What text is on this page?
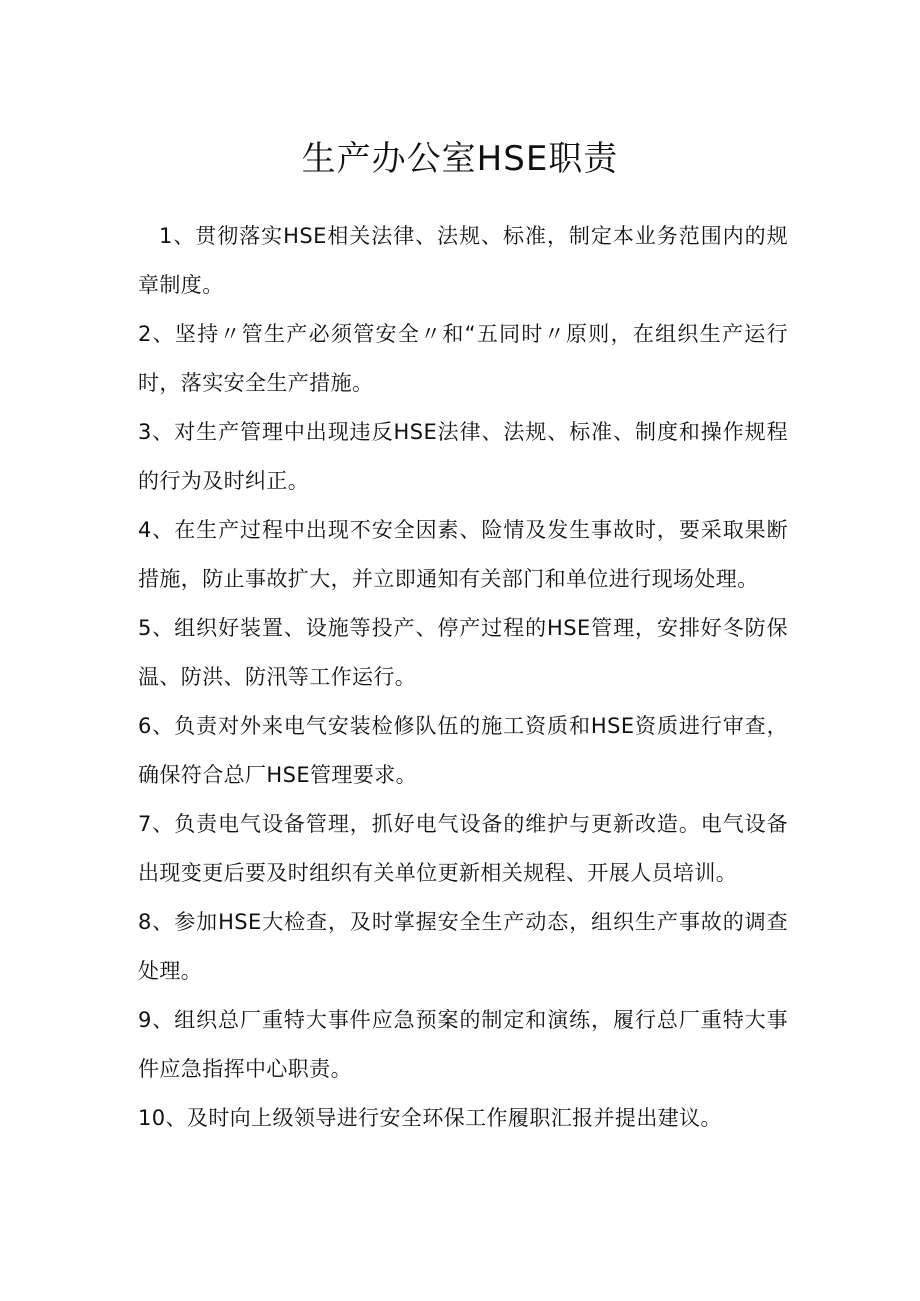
生产办公室HSE职责
1、贯彻落实HSE相关法律、法规、标准，制定本业务范围内的规章制度。
2、坚持〃管生产必须管安全〃和“五同时〃原则，在组织生产运行时，落实安全生产措施。
3、对生产管理中出现违反HSE法律、法规、标准、制度和操作规程的行为及时纠正。
4、在生产过程中出现不安全因素、险情及发生事故时，要采取果断措施，防止事故扩大，并立即通知有关部门和单位进行现场处理。
5、组织好装置、设施等投产、停产过程的HSE管理，安排好冬防保温、防洪、防汛等工作运行。
6、负责对外来电气安装检修队伍的施工资质和HSE资质进行审查，确保符合总厂HSE管理要求。
7、负责电气设备管理，抓好电气设备的维护与更新改造。电气设备出现变更后要及时组织有关单位更新相关规程、开展人员培训。
8、参加HSE大检查，及时掌握安全生产动态，组织生产事故的调查处理。
9、组织总厂重特大事件应急预案的制定和演练，履行总厂重特大事件应急指挥中心职责。
10、及时向上级领导进行安全环保工作履职汇报并提出建议。
